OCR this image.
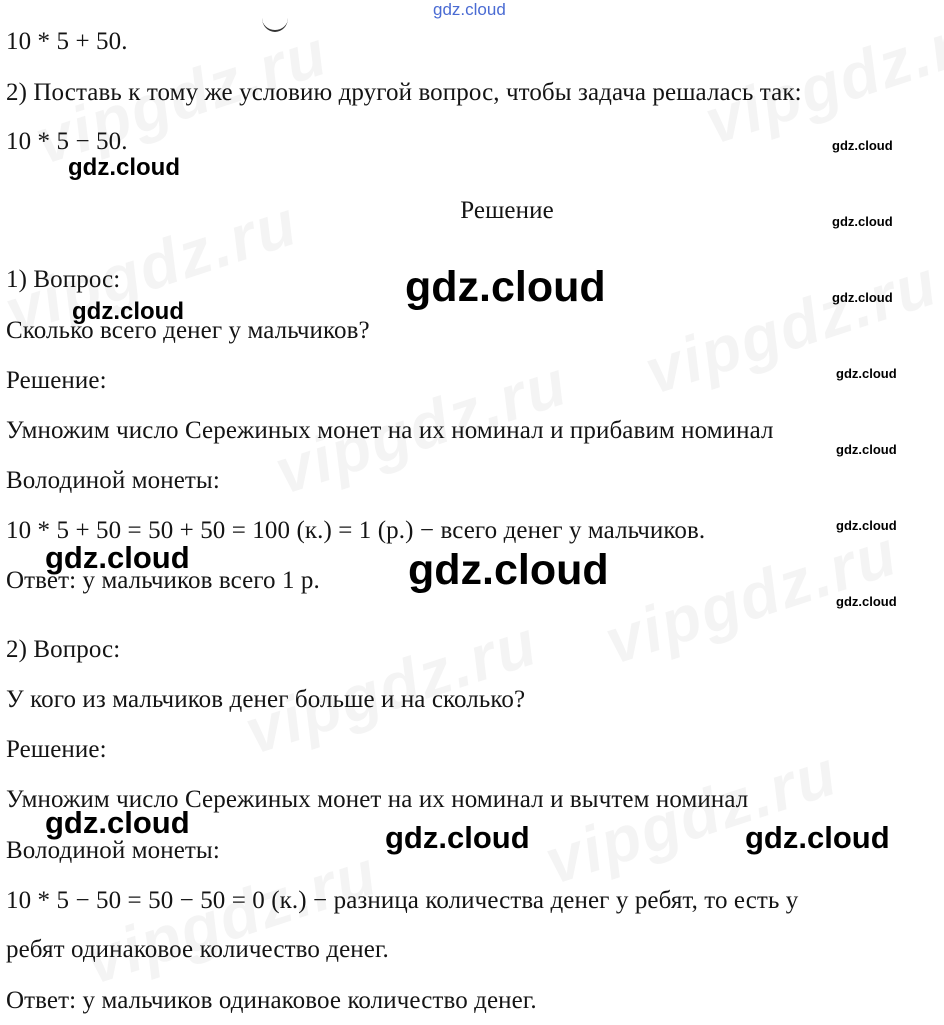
10 * 5 + 50.
2) Поставь к тому же условию другой вопрос, чтобы задача решалась так:
10 * 5 − 50.
Решение
1) Вопрос:
Сколько всего денег у мальчиков?
Решение:
Умножим число Сережиных монет на их номинал и прибавим номинал
Володиной монеты:
10 * 5 + 50 = 50 + 50 = 100 (к.) = 1 (р.) − всего денег у мальчиков.
Ответ: у мальчиков всего 1 р.
2) Вопрос:
У кого из мальчиков денег больше и на сколько?
Решение:
Умножим число Сережиных монет на их номинал и вычтем номинал
Володиной монеты:
10 * 5 − 50 = 50 − 50 = 0 (к.) − разница количества денег у ребят, то есть у
ребят одинаковое количество денег.
Ответ: у мальчиков одинаковое количество денег.
gdz.cloud
gdz.cloud
gdz.cloud
gdz.cloud
gdz.cloud	gdz.cloud
gdz.cloud	gdz.cloud	gdz.cloud
gdz.cloud
gdz.cloud
gdz.cloud
gdz.cloud
gdz.cloud
gdz.cloud
gdz.cloud
